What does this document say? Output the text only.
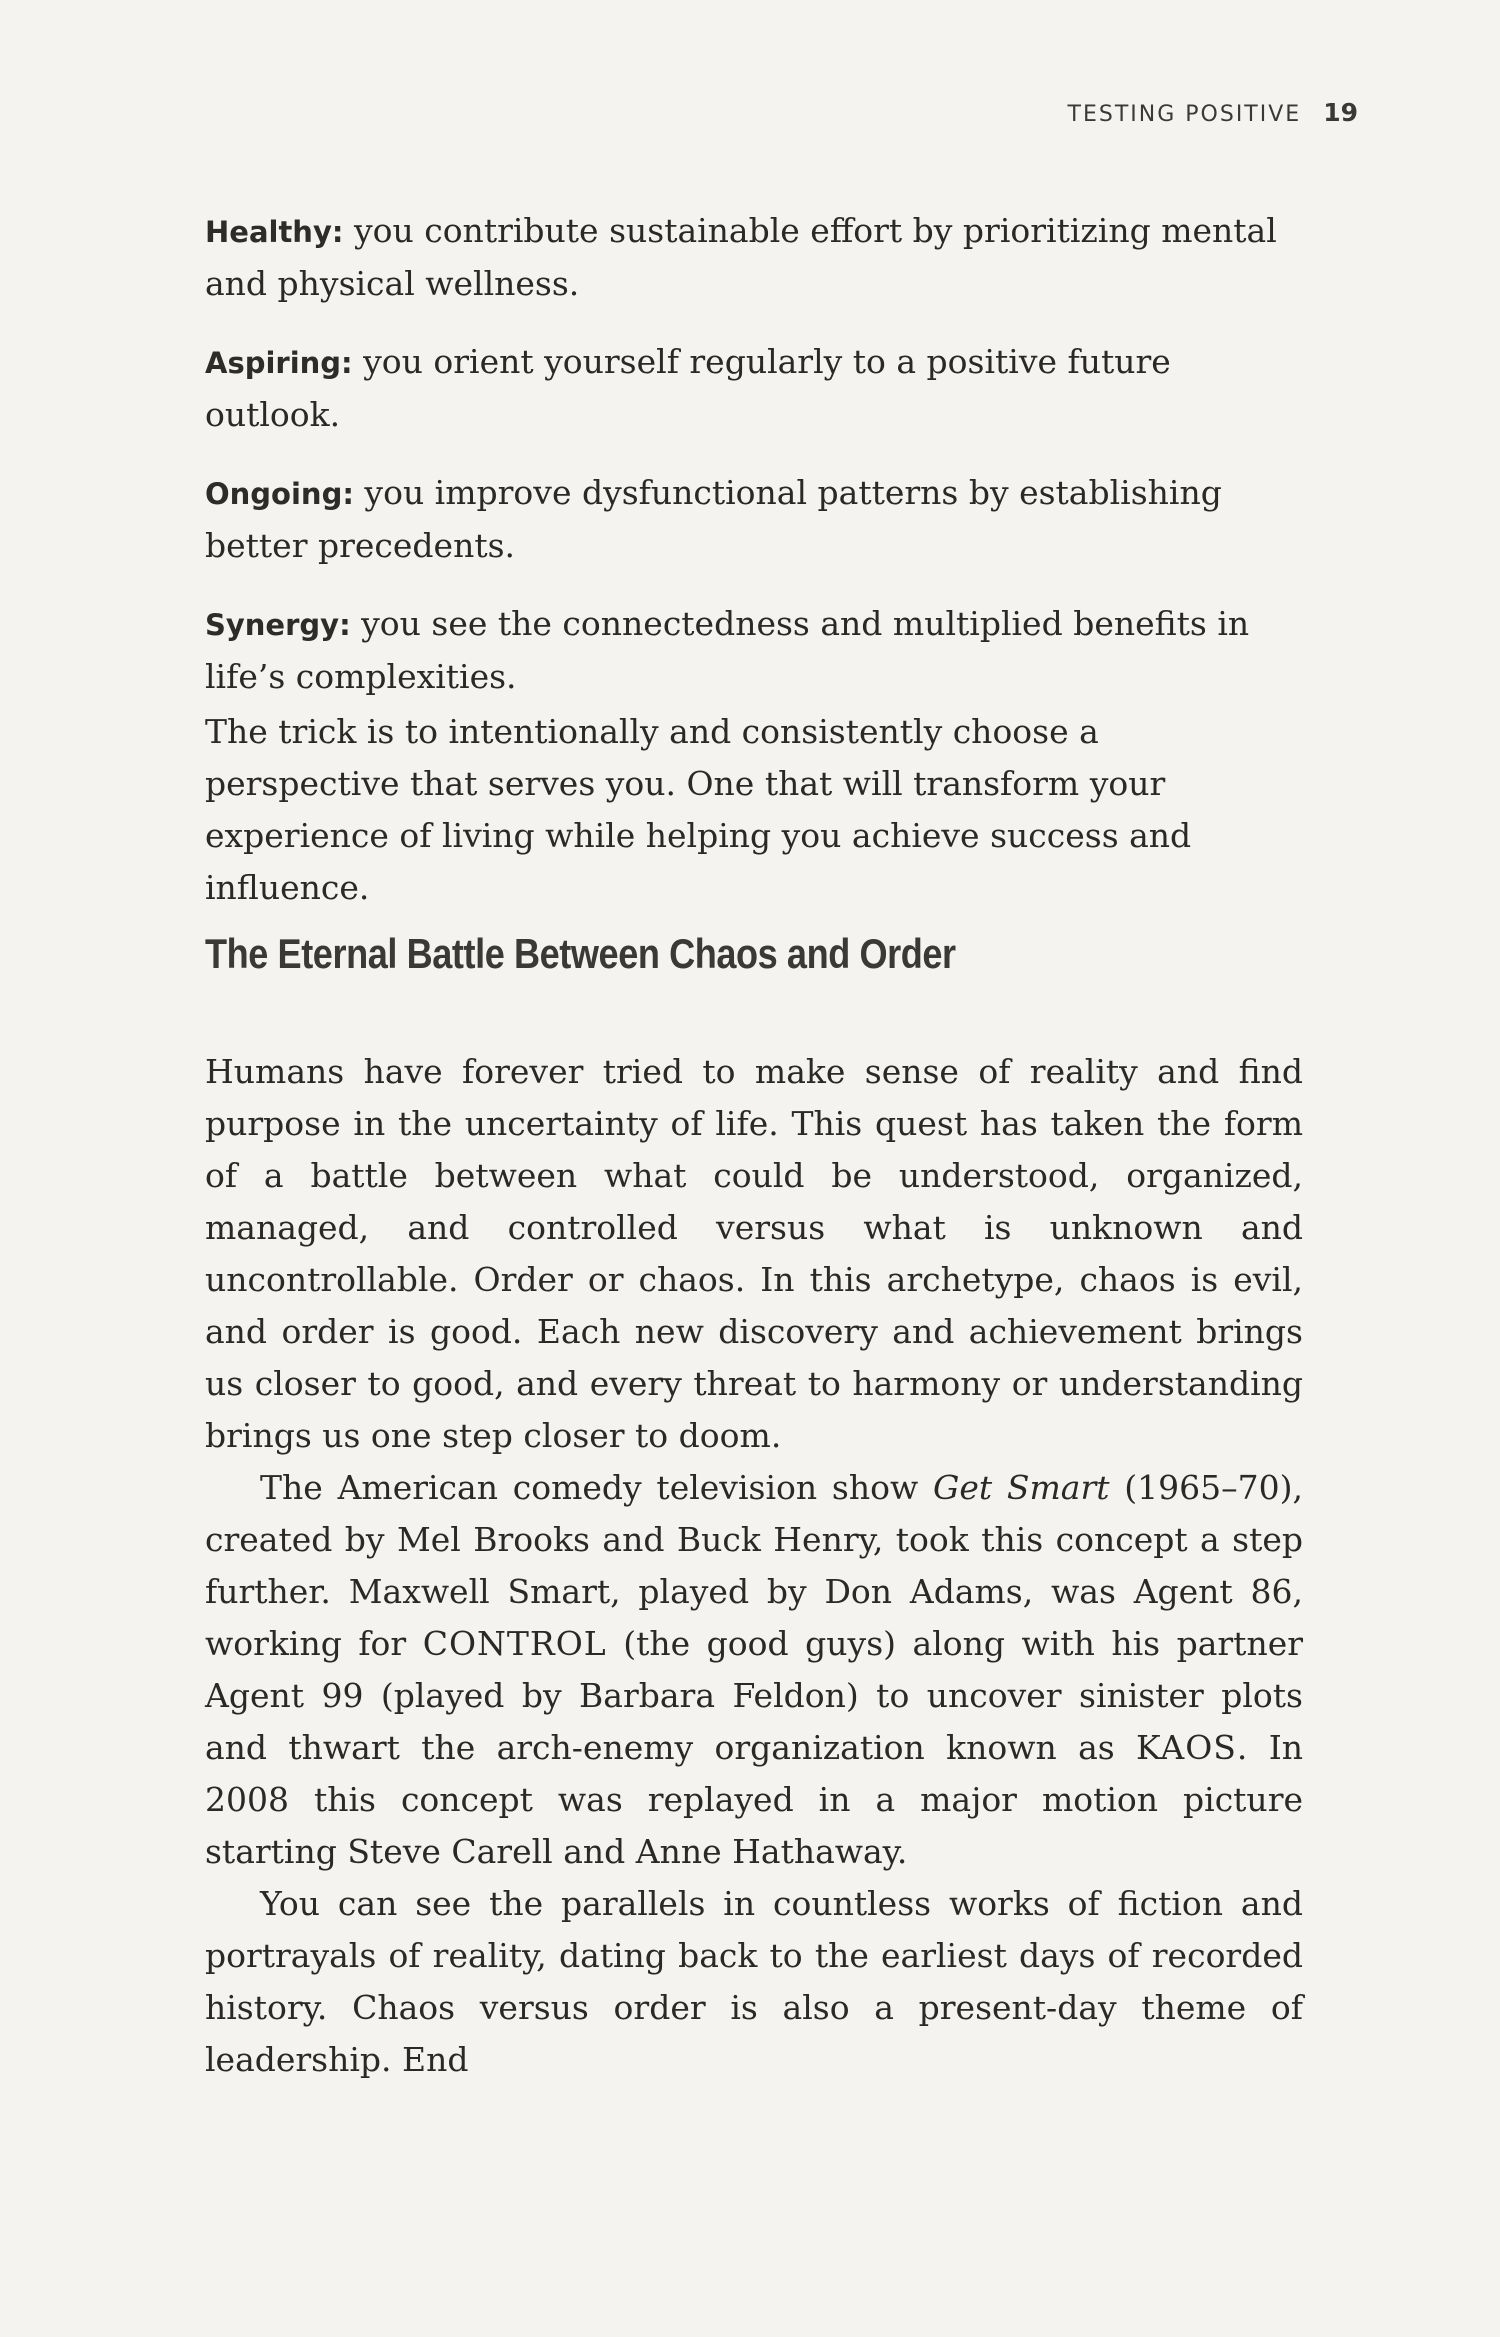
TESTING POSITIVE 19
Healthy: you contribute sustainable effort by prioritizing mental and physical wellness.
Aspiring: you orient yourself regularly to a positive future outlook.
Ongoing: you improve dysfunctional patterns by establishing better precedents.
Synergy: you see the connectedness and multiplied benefits in life’s complexities.
The trick is to intentionally and consistently choose a perspective that serves you. One that will transform your experience of living while helping you achieve success and influence.
The Eternal Battle Between Chaos and Order

Humans have forever tried to make sense of reality and find purpose in the uncertainty of life. This quest has taken the form of a battle between what could be understood, organized, managed, and controlled versus what is unknown and uncontrollable. Order or chaos. In this archetype, chaos is evil, and order is good. Each new discovery and achievement brings us closer to good, and every threat to harmony or understanding brings us one step closer to doom.

The American comedy television show Get Smart (1965–70), created by Mel Brooks and Buck Henry, took this concept a step further. Maxwell Smart, played by Don Adams, was Agent 86, working for CONTROL (the good guys) along with his partner Agent 99 (played by Barbara Feldon) to uncover sinister plots and thwart the arch-enemy organization known as KAOS. In 2008 this concept was replayed in a major motion picture starting Steve Carell and Anne Hathaway.

You can see the parallels in countless works of fiction and portrayals of reality, dating back to the earliest days of recorded history. Chaos versus order is also a present-day theme of leadership. End
